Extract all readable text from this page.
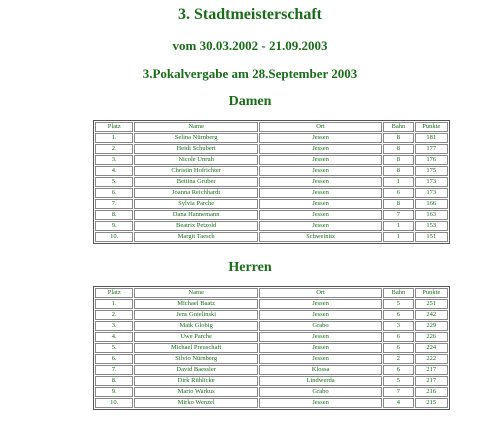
3. Stadtmeisterschaft
vom 30.03.2002 - 21.09.2003
3.Pokalvergabe am 28.September 2003
Damen
Platz	Name	Ort	Bahn	Punkte
1.	Selina Nürnberg	Jessen	8	181
2.	Heidi Schubert	Jessen	8	177
3.	Nicole Unruh	Jessen	8	176
4.	Christin Hofrichter	Jessen	8	175
5.	Bettina Gruber	Jessen	1	173
6.	Joanna Reichhardt	Jessen	6	173
7.	Sylvia Parche	Jessen	8	166
8.	Dana Hannemann	Jessen	7	163
9.	Beatrix Petzold	Jessen	1	153
10.	Margit Taesch	Schweinitz	1	151
Herren
Platz	Name	Ort	Bahn	Punkte
1.	Michael Baatz	Jessen	5	251
2.	Jens Gnielinski	Jessen	6	242
3.	Maik Globig	Grabo	3	229
4.	Uwe Parche	Jessen	6	226
5.	Michael Preuschaft	Jessen	6	224
6.	Silvio Nürnberg	Jessen	2	222
7.	David Baessler	Klossa	6	217
8.	Dirk Rühlicke	Lindwerda	5	217
9.	Mario Warkus	Grabo	7	216
10.	Mirko Wenzel	Jessen	4	215
